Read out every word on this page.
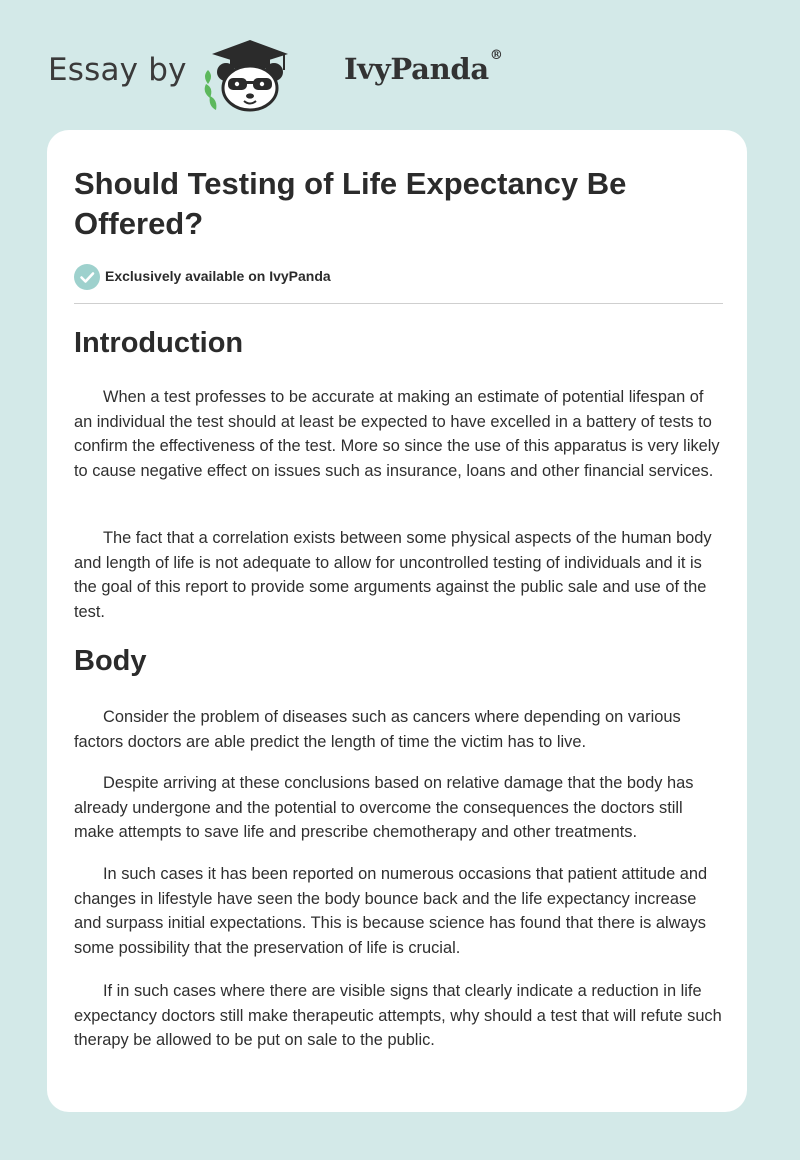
Essay by	IvyPanda®
Should Testing of Life Expectancy Be Offered?
Exclusively available on IvyPanda
Introduction

When a test professes to be accurate at making an estimate of potential lifespan of an individual the test should at least be expected to have excelled in a battery of tests to confirm the effectiveness of the test. More so since the use of this apparatus is very likely to cause negative effect on issues such as insurance, loans and other financial services.

The fact that a correlation exists between some physical aspects of the human body and length of life is not adequate to allow for uncontrolled testing of individuals and it is the goal of this report to provide some arguments against the public sale and use of the test.

Body

Consider the problem of diseases such as cancers where depending on various factors doctors are able predict the length of time the victim has to live.

Despite arriving at these conclusions based on relative damage that the body has already undergone and the potential to overcome the consequences the doctors still make attempts to save life and prescribe chemotherapy and other treatments.

In such cases it has been reported on numerous occasions that patient attitude and changes in lifestyle have seen the body bounce back and the life expectancy increase and surpass initial expectations. This is because science has found that there is always some possibility that the preservation of life is crucial.

If in such cases where there are visible signs that clearly indicate a reduction in life expectancy doctors still make therapeutic attempts, why should a test that will refute such therapy be allowed to be put on sale to the public.
